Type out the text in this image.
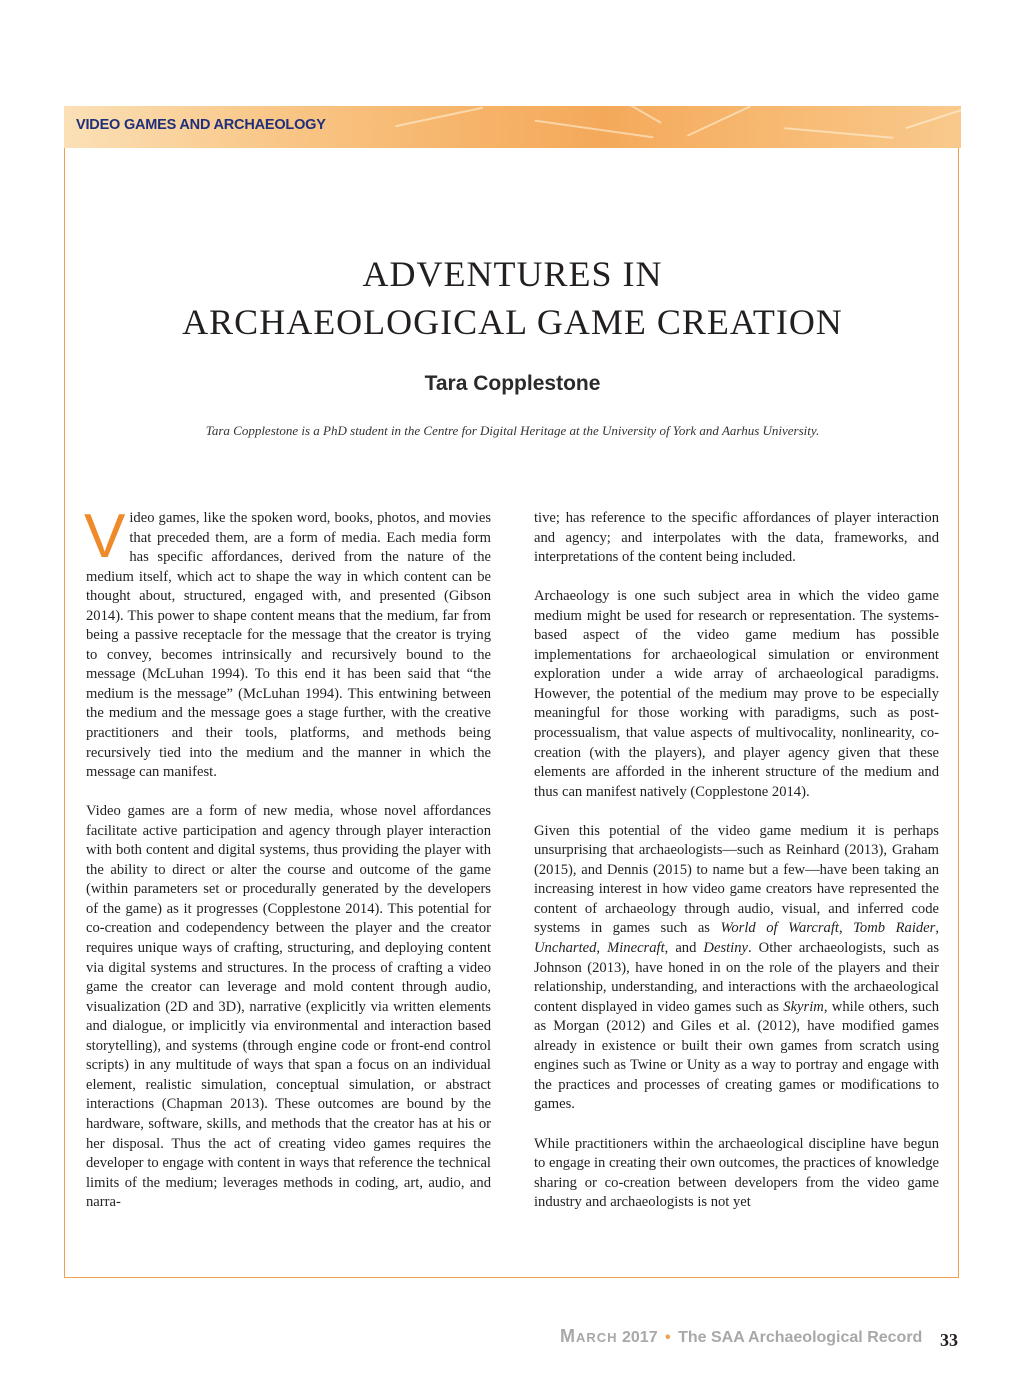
VIDEO GAMES AND ARCHAEOLOGY
ADVENTURES IN
ARCHAEOLOGICAL GAME CREATION
Tara Copplestone
Tara Copplestone is a PhD student in the Centre for Digital Heritage at the University of York and Aarhus University.

Video games, like the spoken word, books, photos, and movies that preceded them, are a form of media. Each media form has specific affordances, derived from the nature of the medium itself, which act to shape the way in which content can be thought about, structured, engaged with, and presented (Gibson 2014). This power to shape content means that the medium, far from being a passive receptacle for the message that the creator is trying to convey, becomes intrinsically and recursively bound to the message (McLuhan 1994). To this end it has been said that “the medium is the message” (McLuhan 1994). This entwining between the medium and the message goes a stage further, with the creative practitioners and their tools, platforms, and methods being recursively tied into the medium and the manner in which the message can manifest.

Video games are a form of new media, whose novel affordances facilitate active participation and agency through player interaction with both content and digital systems, thus providing the player with the ability to direct or alter the course and outcome of the game (within parameters set or procedurally generated by the developers of the game) as it progresses (Copplestone 2014). This potential for co-creation and codependency between the player and the creator requires unique ways of crafting, structuring, and deploying content via digital systems and structures. In the process of crafting a video game the creator can leverage and mold content through audio, visualization (2D and 3D), narrative (explicitly via written elements and dialogue, or implicitly via environmental and interaction based storytelling), and systems (through engine code or front-end control scripts) in any multitude of ways that span a focus on an individual element, realistic simulation, conceptual simulation, or abstract interactions (Chapman 2013). These outcomes are bound by the hardware, software, skills, and methods that the creator has at his or her disposal. Thus the act of creating video games requires the developer to engage with content in ways that reference the technical limits of the medium; leverages methods in coding, art, audio, and narra-

tive; has reference to the specific affordances of player interaction and agency; and interpolates with the data, frameworks, and interpretations of the content being included.

Archaeology is one such subject area in which the video game medium might be used for research or representation. The systems-based aspect of the video game medium has possible implementations for archaeological simulation or environment exploration under a wide array of archaeological paradigms. However, the potential of the medium may prove to be especially meaningful for those working with paradigms, such as post-processualism, that value aspects of multivocality, nonlinearity, co-creation (with the players), and player agency given that these elements are afforded in the inherent structure of the medium and thus can manifest natively (Copplestone 2014).

Given this potential of the video game medium it is perhaps unsurprising that archaeologists—such as Reinhard (2013), Graham (2015), and Dennis (2015) to name but a few—have been taking an increasing interest in how video game creators have represented the content of archaeology through audio, visual, and inferred code systems in games such as World of Warcraft, Tomb Raider, Uncharted, Minecraft, and Destiny. Other archaeologists, such as Johnson (2013), have honed in on the role of the players and their relationship, understanding, and interactions with the archaeological content displayed in video games such as Skyrim, while others, such as Morgan (2012) and Giles et al. (2012), have modified games already in existence or built their own games from scratch using engines such as Twine or Unity as a way to portray and engage with the practices and processes of creating games or modifications to games.

While practitioners within the archaeological discipline have begun to engage in creating their own outcomes, the practices of knowledge sharing or co-creation between developers from the video game industry and archaeologists is not yet

March 2017 • The SAA Archaeological Record 33
